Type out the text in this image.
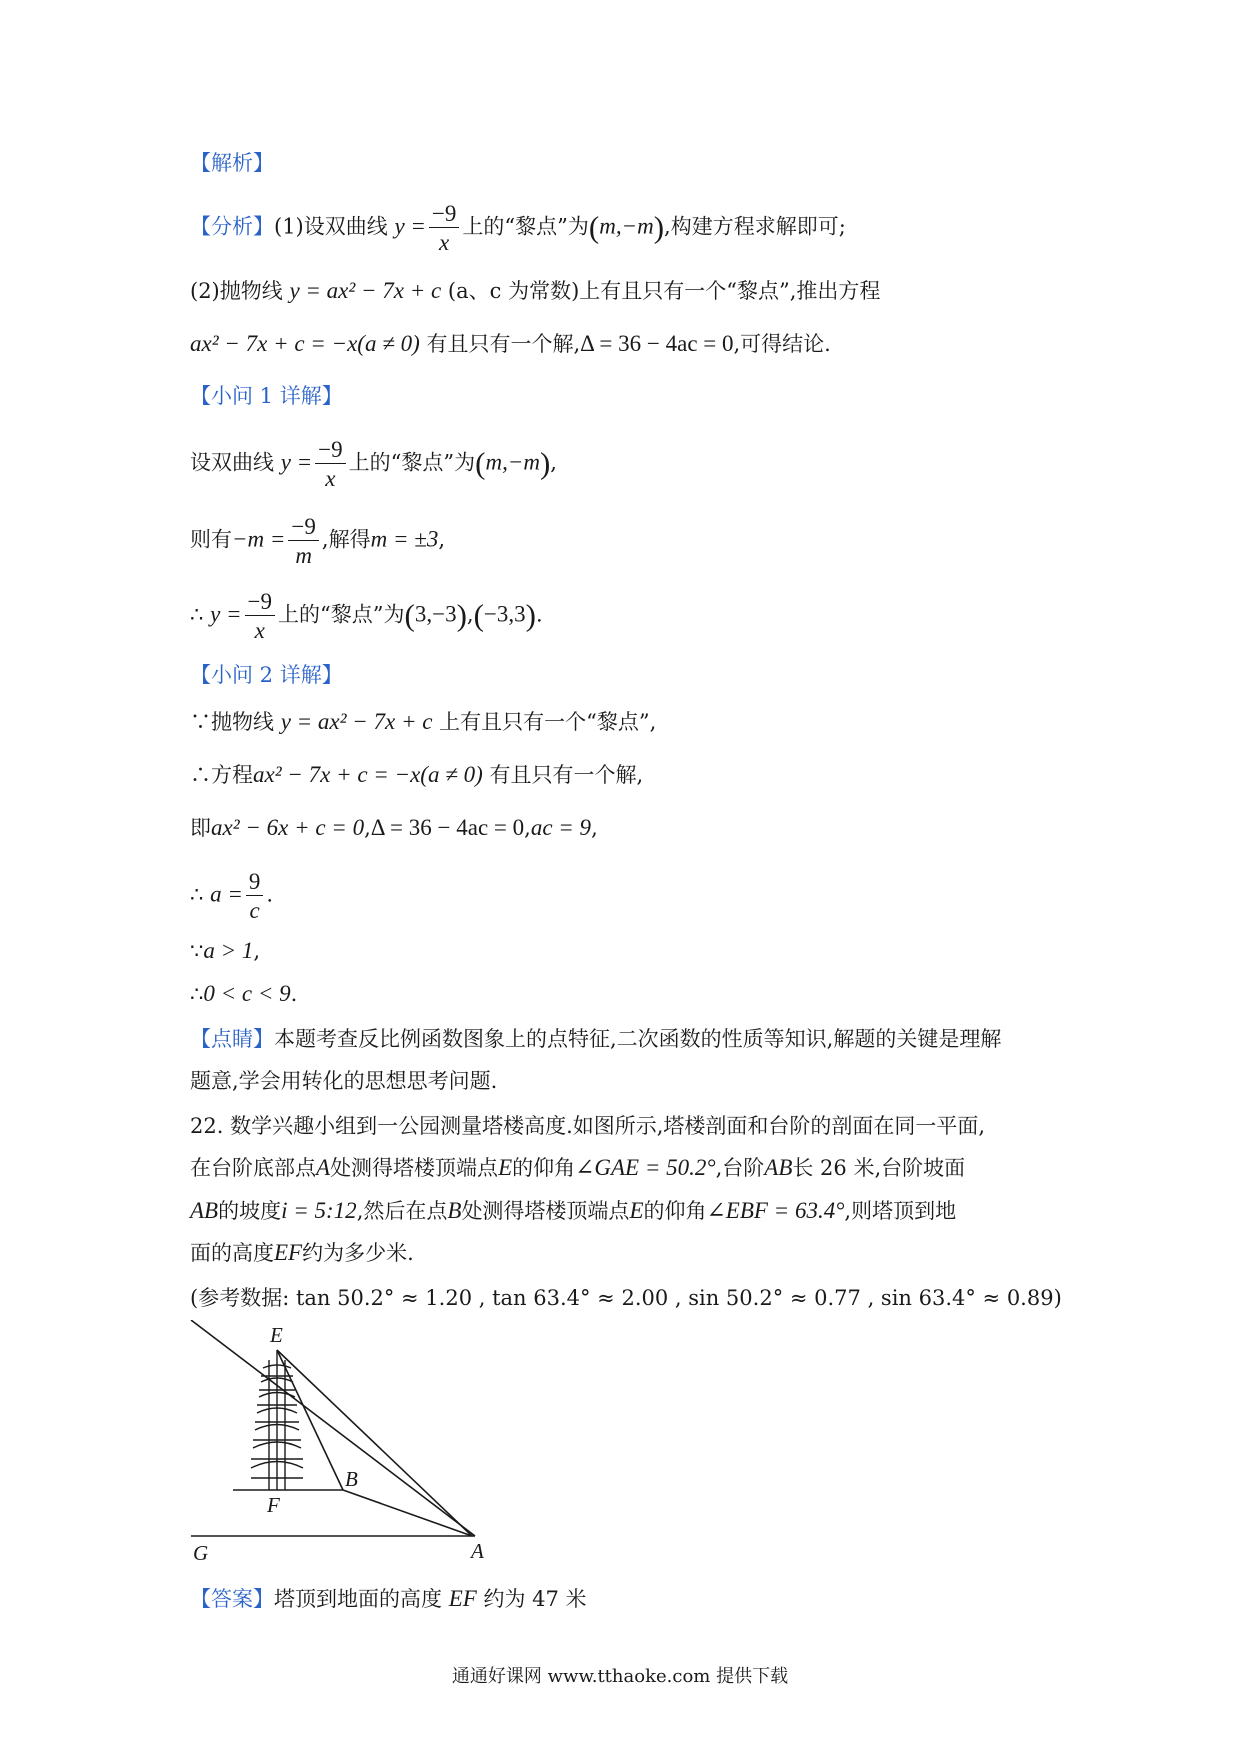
【解析】
【分析】(1)设双曲线 $y = \frac{-9}{x}$ 上的“黎点”为(m,−m),构建方程求解即可;
(2)抛物线 y = ax² − 7x + c (a、c 为常数)上有且只有一个“黎点”,推出方程
ax² − 7x + c = −x(a ≠ 0) 有且只有一个解,Δ = 36 − 4ac = 0,可得结论.
【小问 1 详解】
设双曲线 $y = \frac{-9}{x}$ 上的“黎点”为(m,−m),
则有$-m = \frac{-9}{m}$ ,解得m = ±3,
∴ $y = \frac{-9}{x}$ 上的“黎点”为(3,−3),(−3,3).
【小问 2 详解】
∵抛物线 y = ax² − 7x + c 上有且只有一个“黎点”,
∴方程ax² − 7x + c = −x(a ≠ 0) 有且只有一个解,
即ax² − 6x + c = 0,Δ = 36 − 4ac = 0,ac = 9,
∴ $a = \frac{9}{c}$ .
∵a > 1,
∴0 < c < 9.
【点睛】本题考查反比例函数图象上的点特征,二次函数的性质等知识,解题的关键是理解
题意,学会用转化的思想思考问题.
22. 数学兴趣小组到一公园测量塔楼高度.如图所示,塔楼剖面和台阶的剖面在同一平面,
在台阶底部点A处测得塔楼顶端点E的仰角∠GAE = 50.2°,台阶AB长 26 米,台阶坡面
AB的坡度i = 5:12,然后在点B处测得塔楼顶端点E的仰角∠EBF = 63.4°,则塔顶到地
面的高度EF约为多少米.
(参考数据: tan 50.2° ≈ 1.20 , tan 63.4° ≈ 2.00 , sin 50.2° ≈ 0.77 , sin 63.4° ≈ 0.89)
E
B
F
A
G
【答案】塔顶到地面的高度 EF 约为 47 米
通通好课网 www.tthaoke.com 提供下载
